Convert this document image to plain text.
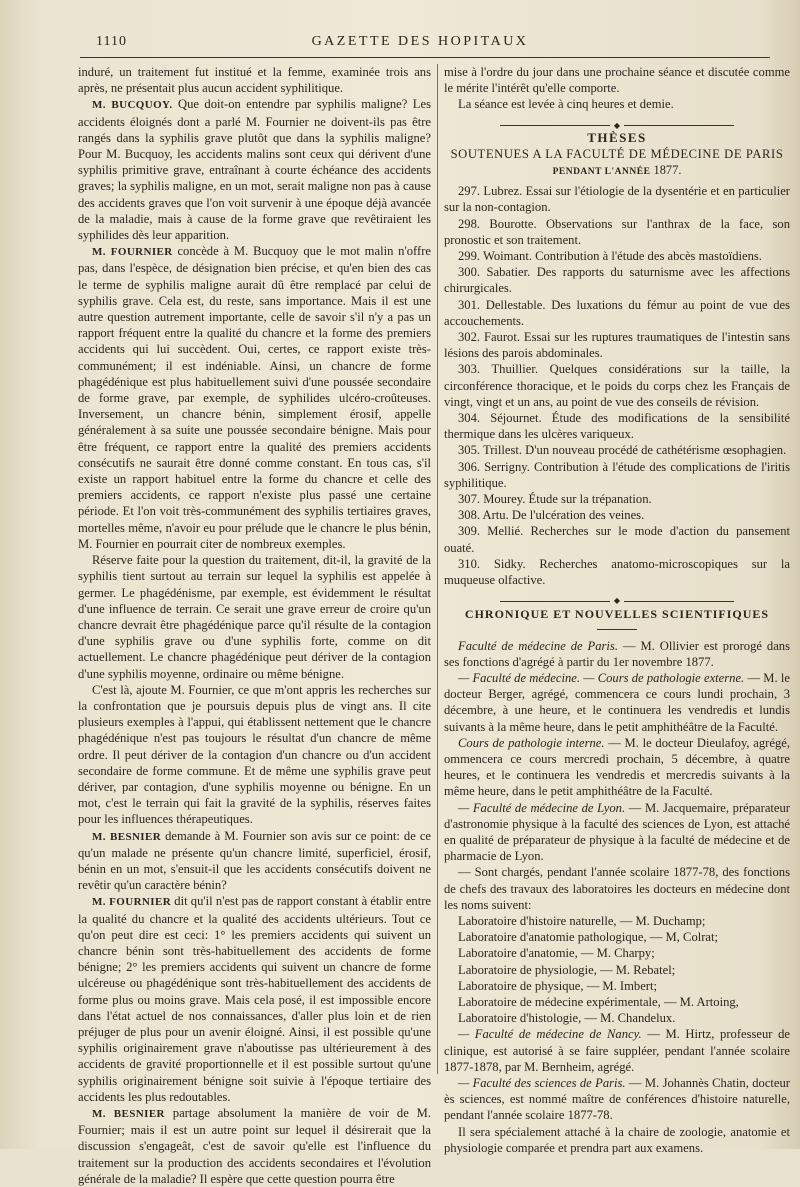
1110	GAZETTE DES HOPITAUX

induré, un traitement fut institué et la femme, examinée trois ans après, ne présentait plus aucun accident syphilitique.

M. BUCQUOY. Que doit-on entendre par syphilis maligne? Les accidents éloignés dont a parlé M. Fournier ne doivent-ils pas être rangés dans la syphilis grave plutôt que dans la syphilis maligne? Pour M. Bucquoy, les accidents malins sont ceux qui dérivent d'une syphilis primitive grave, entraînant à courte échéance des accidents graves; la syphilis maligne, en un mot, serait maligne non pas à cause des accidents graves que l'on voit survenir à une époque déjà avancée de la maladie, mais à cause de la forme grave que revêtiraient les syphilides dès leur apparition.

M. FOURNIER concède à M. Bucquoy que le mot malin n'offre pas, dans l'espèce, de désignation bien précise, et qu'en bien des cas le terme de syphilis maligne aurait dû être remplacé par celui de syphilis grave. Cela est, du reste, sans importance. Mais il est une autre question autrement importante, celle de savoir s'il n'y a pas un rapport fréquent entre la qualité du chancre et la forme des premiers accidents qui lui succèdent. Oui, certes, ce rapport existe très-communément; il est indéniable. Ainsi, un chancre de forme phagédénique est plus habituellement suivi d'une poussée secondaire de forme grave, par exemple, de syphilides ulcéro-croûteuses. Inversement, un chancre bénin, simplement érosif, appelle généralement à sa suite une poussée secondaire bénigne. Mais pour être fréquent, ce rapport entre la qualité des premiers accidents consécutifs ne saurait être donné comme constant. En tous cas, s'il existe un rapport habituel entre la forme du chancre et celle des premiers accidents, ce rapport n'existe plus passé une certaine période. Et l'on voit très-communément des syphilis tertiaires graves, mortelles même, n'avoir eu pour prélude que le chancre le plus bénin, M. Fournier en pourrait citer de nombreux exemples.

Réserve faite pour la question du traitement, dit-il, la gravité de la syphilis tient surtout au terrain sur lequel la syphilis est appelée à germer. Le phagédénisme, par exemple, est évidemment le résultat d'une influence de terrain. Ce serait une grave erreur de croire qu'un chancre devrait être phagédénique parce qu'il résulte de la contagion d'une syphilis grave ou d'une syphilis forte, comme on dit actuellement. Le chancre phagédénique peut dériver de la contagion d'une syphilis moyenne, ordinaire ou même bénigne.

C'est là, ajoute M. Fournier, ce que m'ont appris les recherches sur la confrontation que je poursuis depuis plus de vingt ans. Il cite plusieurs exemples à l'appui, qui établissent nettement que le chancre phagédénique n'est pas toujours le résultat d'un chancre de même ordre. Il peut dériver de la contagion d'un chancre ou d'un accident secondaire de forme commune. Et de même une syphilis grave peut dériver, par contagion, d'une syphilis moyenne ou bénigne. En un mot, c'est le terrain qui fait la gravité de la syphilis, réserves faites pour les influences thérapeutiques.

M. BESNIER demande à M. Fournier son avis sur ce point: de ce qu'un malade ne présente qu'un chancre limité, superficiel, érosif, bénin en un mot, s'ensuit-il que les accidents consécutifs doivent ne revêtir qu'un caractère bénin?

M. FOURNIER dit qu'il n'est pas de rapport constant à établir entre la qualité du chancre et la qualité des accidents ultérieurs. Tout ce qu'on peut dire est ceci: 1° les premiers accidents qui suivent un chancre bénin sont très-habituellement des accidents de forme bénigne; 2° les premiers accidents qui suivent un chancre de forme ulcéreuse ou phagédénique sont très-habituellement des accidents de forme plus ou moins grave. Mais cela posé, il est impossible encore dans l'état actuel de nos connaissances, d'aller plus loin et de rien préjuger de plus pour un avenir éloigné. Ainsi, il est possible qu'une syphilis originairement grave n'aboutisse pas ultérieurement à des accidents de gravité proportionnelle et il est possible surtout qu'une syphilis originairement bénigne soit suivie à l'époque tertiaire des accidents les plus redoutables.

M. BESNIER partage absolument la manière de voir de M. Fournier; mais il est un autre point sur lequel il désirerait que la discussion s'engageât, c'est de savoir qu'elle est l'influence du traitement sur la production des accidents secondaires et l'évolution générale de la maladie? Il espère que cette question pourra être

mise à l'ordre du jour dans une prochaine séance et discutée comme le mérite l'intérêt qu'elle comporte.

La séance est levée à cinq heures et demie.

◆
THÈSES
SOUTENUES A LA FACULTÉ DE MÉDECINE DE PARIS
PENDANT L'ANNÉE 1877.

297. Lubrez. Essai sur l'étiologie de la dysentérie et en particulier sur la non-contagion.

298. Bourotte. Observations sur l'anthrax de la face, son pronostic et son traitement.

299. Woimant. Contribution à l'étude des abcès mastoïdiens.

300. Sabatier. Des rapports du saturnisme avec les affections chirurgicales.

301. Dellestable. Des luxations du fémur au point de vue des accouchements.

302. Faurot. Essai sur les ruptures traumatiques de l'intestin sans lésions des parois abdominales.

303. Thuillier. Quelques considérations sur la taille, la circonférence thoracique, et le poids du corps chez les Français de vingt, vingt et un ans, au point de vue des conseils de révision.

304. Séjournet. Étude des modifications de la sensibilité thermique dans les ulcères variqueux.

305. Trillest. D'un nouveau procédé de cathétérisme œsophagien.

306. Serrigny. Contribution à l'étude des complications de l'iritis syphilitique.

307. Mourey. Étude sur la trépanation.

308. Artu. De l'ulcération des veines.

309. Mellié. Recherches sur le mode d'action du pansement ouaté.

310. Sidky. Recherches anatomo-microscopiques sur la muqueuse olfactive.

◆
CHRONIQUE ET NOUVELLES SCIENTIFIQUES

Faculté de médecine de Paris. — M. Ollivier est prorogé dans ses fonctions d'agrégé à partir du 1er novembre 1877.

— Faculté de médecine. — Cours de pathologie externe. — M. le docteur Berger, agrégé, commencera ce cours lundi prochain, 3 décembre, à une heure, et le continuera les vendredis et lundis suivants à la même heure, dans le petit amphithéâtre de la Faculté.

Cours de pathologie interne. — M. le docteur Dieulafoy, agrégé, ommencera ce cours mercredi prochain, 5 décembre, à quatre heures, et le continuera les vendredis et mercredis suivants à la même heure, dans le petit amphithéâtre de la Faculté.

— Faculté de médecine de Lyon. — M. Jacquemaire, préparateur d'astronomie physique à la faculté des sciences de Lyon, est attaché en qualité de préparateur de physique à la faculté de médecine et de pharmacie de Lyon.

— Sont chargés, pendant l'année scolaire 1877-78, des fonctions de chefs des travaux des laboratoires les docteurs en médecine dont les noms suivent:

Laboratoire d'histoire naturelle, — M. Duchamp;

Laboratoire d'anatomie pathologique, — M, Colrat;

Laboratoire d'anatomie, — M. Charpy;

Laboratoire de physiologie, — M. Rebatel;

Laboratoire de physique, — M. Imbert;

Laboratoire de médecine expérimentale, — M. Artoing,

Laboratoire d'histologie, — M. Chandelux.

— Faculté de médecine de Nancy. — M. Hirtz, professeur de clinique, est autorisé à se faire suppléer, pendant l'année scolaire 1877-1878, par M. Bernheim, agrégé.

— Faculté des sciences de Paris. — M. Johannès Chatin, docteur ès sciences, est nommé maître de conférences d'histoire naturelle, pendant l'année scolaire 1877-78.

Il sera spécialement attaché à la chaire de zoologie, anatomie et physiologie comparée et prendra part aux examens.
